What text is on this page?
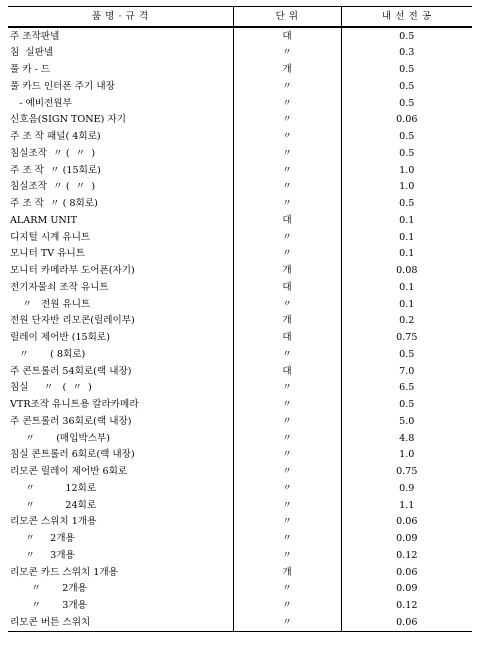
품 명 · 규 격	단 위	내 선 전 공
주 조작판넬	대	0.5
침  실판넬	〃	0.3
풀 카 - 드	개	0.5
풀 카드 인터폰 주기 내장	〃	0.5
- 예비전원부	〃	0.5
신호음(SIGN TONE) 자기	〃	0.06
주 조 작 패널( 4회로)	〃	0.5
침실조작  〃 (  〃  )	〃	0.5
주 조 작  〃 (15회로)	〃	1.0
침실조작  〃 (  〃  )	〃	1.0
주 조 작  〃 ( 8회로)	〃	0.5
ALARM UNIT	대	0.1
디지털 시계 유니트	〃	0.1
모니터 TV 유니트	〃	0.1
모니터 카메라부 도어폰(자기)	개	0.08
전기자물쇠 조작 유니트	대	0.1
〃   전원 유니트	〃	0.1
전원 단자반 리모콘(릴레이부)	개	0.2
릴레이 제어반 (15회로)	대	0.75
〃       ( 8회로)	〃	0.5
주 콘트롤러 54회로(랙 내장)	대	7.0
침실     〃   (  〃  )	〃	6.5
VTR조작 유니트용 칼라카메라	〃	0.5
주 콘트롤러 36회로(랙 내장)	〃	5.0
〃       (매입박스부)	〃	4.8
침실 콘트롤러 6회로(랙 내장)	〃	1.0
리모콘 릴레이 제어반 6회로	〃	0.75
〃          12회로	〃	0.9
〃          24회로	〃	1.1
리모콘 스위치 1개용	〃	0.06
〃     2개용	〃	0.09
〃     3개용	〃	0.12
리모콘 카드 스위치 1개용	개	0.06
〃       2개용	〃	0.09
〃       3개용	〃	0.12
리모콘 버튼 스위치	〃	0.06
